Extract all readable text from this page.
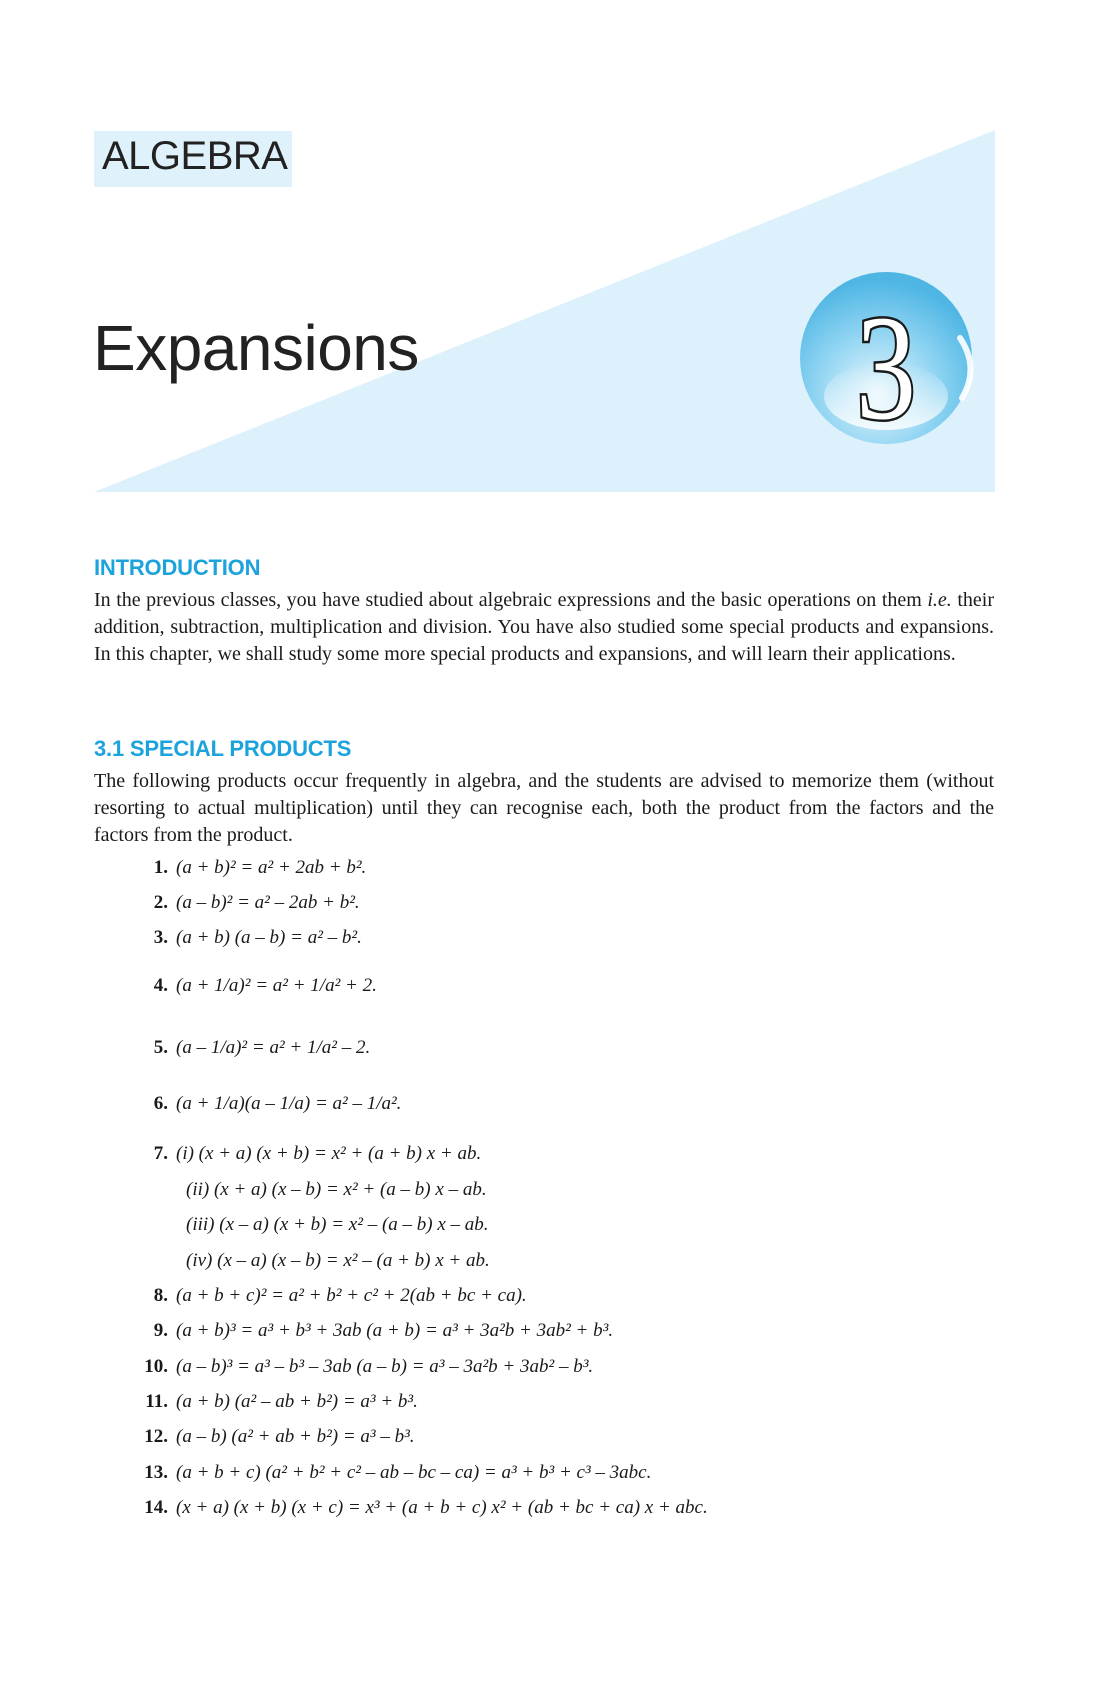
ALGEBRA
Expansions	3
INTRODUCTION

In the previous classes, you have studied about algebraic expressions and the basic operations on them i.e. their addition, subtraction, multiplication and division. You have also studied some special products and expansions. In this chapter, we shall study some more special products and expansions, and will learn their applications.

3.1 SPECIAL PRODUCTS

The following products occur frequently in algebra, and the students are advised to memorize them (without resorting to actual multiplication) until they can recognise each, both the product from the factors and the factors from the product.

1. (a + b)² = a² + 2ab + b².
2. (a – b)² = a² – 2ab + b².
3. (a + b) (a – b) = a² – b².
4. (a + 1/a)² = a² + 1/a² + 2.
5. (a – 1/a)² = a² + 1/a² – 2.
6. (a + 1/a)(a – 1/a) = a² – 1/a².
7. (i) (x + a) (x + b) = x² + (a + b) x + ab.
(ii) (x + a) (x – b) = x² + (a – b) x – ab.
(iii) (x – a) (x + b) = x² – (a – b) x – ab.
(iv) (x – a) (x – b) = x² – (a + b) x + ab.
8. (a + b + c)² = a² + b² + c² + 2(ab + bc + ca).
9. (a + b)³ = a³ + b³ + 3ab (a + b) = a³ + 3a²b + 3ab² + b³.
10. (a – b)³ = a³ – b³ – 3ab (a – b) = a³ – 3a²b + 3ab² – b³.
11. (a + b) (a² – ab + b²) = a³ + b³.
12. (a – b) (a² + ab + b²) = a³ – b³.
13. (a + b + c) (a² + b² + c² – ab – bc – ca) = a³ + b³ + c³ – 3abc.
14. (x + a) (x + b) (x + c) = x³ + (a + b + c) x² + (ab + bc + ca) x + abc.
